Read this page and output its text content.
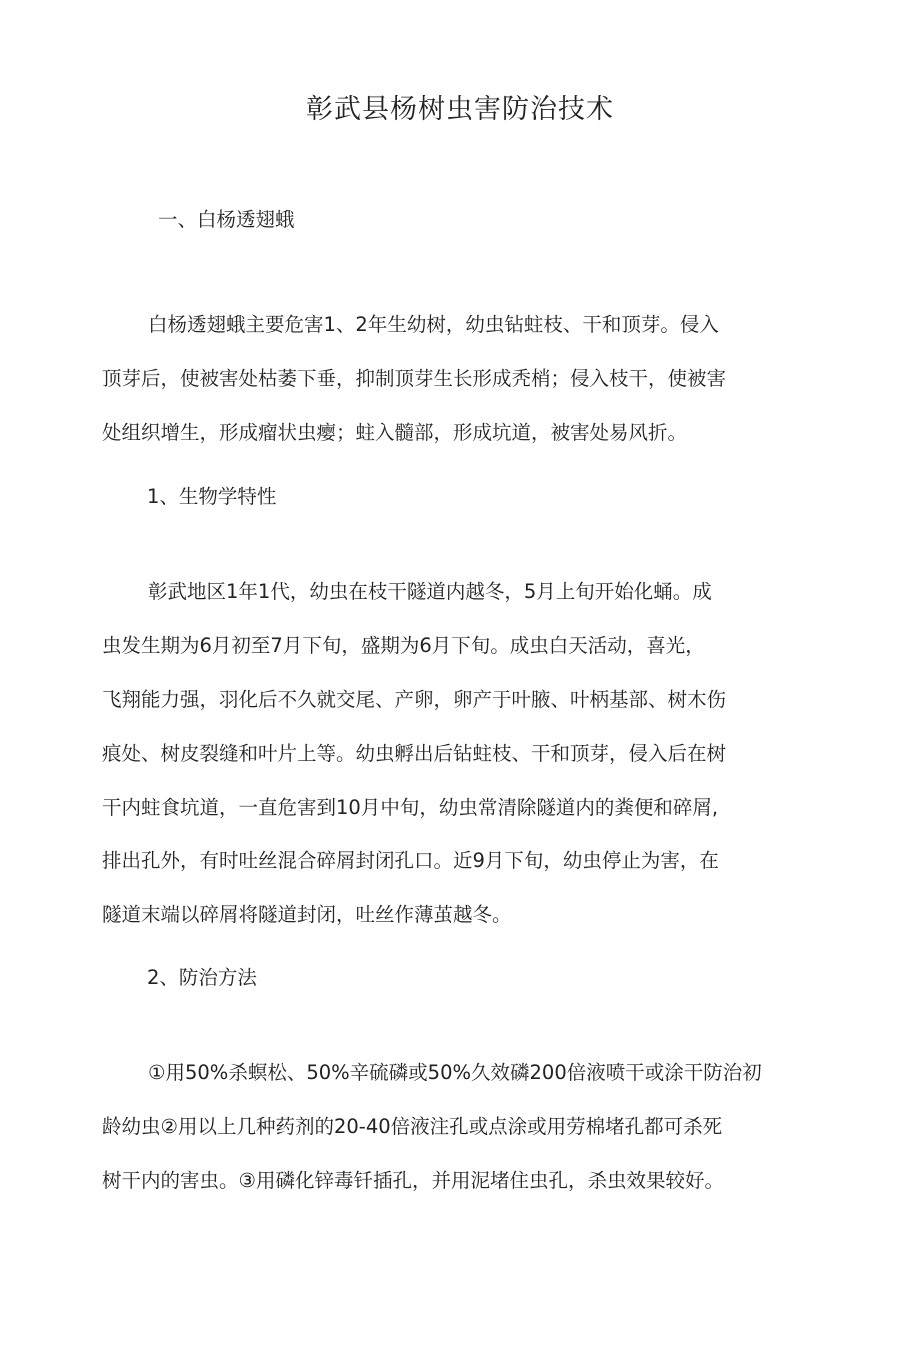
彰武县杨树虫害防治技术
一、白杨透翅蛾
白杨透翅蛾主要危害1、2年生幼树，幼虫钻蛀枝、干和顶芽。侵入
顶芽后，使被害处枯萎下垂，抑制顶芽生长形成秃梢；侵入枝干，使被害
处组织增生，形成瘤状虫瘿；蛀入髓部，形成坑道，被害处易风折。
1、生物学特性
彰武地区1年1代，幼虫在枝干隧道内越冬，5月上旬开始化蛹。成
虫发生期为6月初至7月下旬，盛期为6月下旬。成虫白天活动，喜光，
飞翔能力强，羽化后不久就交尾、产卵，卵产于叶腋、叶柄基部、树木伤
痕处、树皮裂缝和叶片上等。幼虫孵出后钻蛀枝、干和顶芽，侵入后在树
干内蛀食坑道，一直危害到10月中旬，幼虫常清除隧道内的粪便和碎屑,
排出孔外，有时吐丝混合碎屑封闭孔口。近9月下旬，幼虫停止为害，在
隧道末端以碎屑将隧道封闭，吐丝作薄茧越冬。
2、防治方法
①用50%杀螟松、50%辛硫磷或50%久效磷200倍液喷干或涂干防治初
龄幼虫②用以上几种药剂的20-40倍液注孔或点涂或用劳棉堵孔都可杀死
树干内的害虫。③用磷化锌毒钎插孔，并用泥堵住虫孔，杀虫效果较好。
